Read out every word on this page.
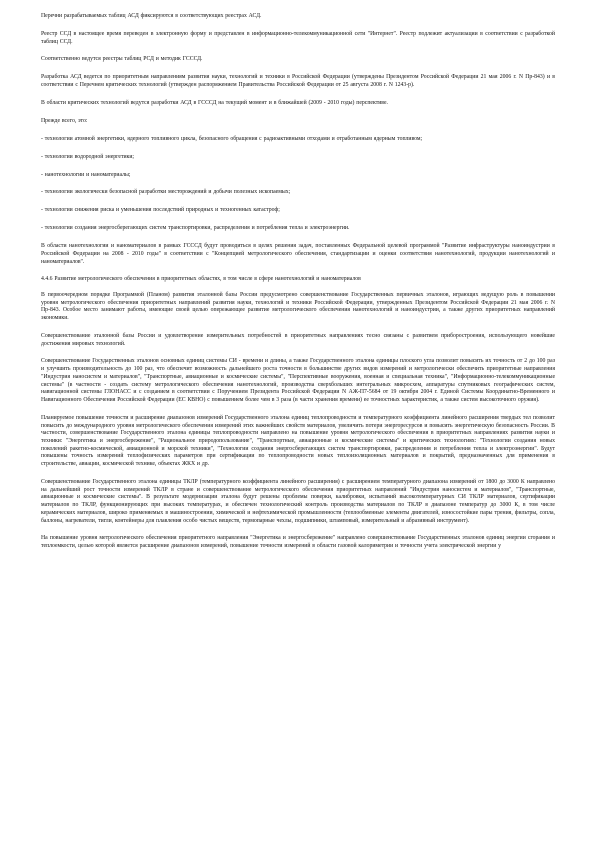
Перечни разрабатываемых таблиц АСД фиксируются в соответствующих реестрах АСД.

Реестр ССД в настоящее время переведен в электронную форму и представлен в информационно-телекоммуникационной сети "Интернет". Реестр подлежит актуализации в соответствии с разработкой таблиц ССД.

Соответственно ведутся реестры таблиц РСД и методик ГСССД.

Разработка АСД ведется по приоритетным направлениям развития науки, технологий и техники в Российской Федерации (утверждены Президентом Российской Федерации 21 мая 2006 г. N Пр-843) и в соответствии с Перечнем критических технологий (утвержден распоряжением Правительства Российской Федерации от 25 августа 2008 г. N 1243-р).

В области критических технологий ведутся разработки АСД в ГСССД на текущий момент и в ближайшей (2009 - 2010 годы) перспективе.

Прежде всего, это:

- технологии атомной энергетики, ядерного топливного цикла, безопасного обращения с радиоактивными отходами и отработанным ядерным топливом;

- технологии водородной энергетики;

- нанотехнологии и наноматериалы;

- технологии экологически безопасной разработки месторождений и добычи полезных ископаемых;

- технологии снижения риска и уменьшения последствий природных и техногенных катастроф;

- технологии создания энергосберегающих систем транспортировки, распределения и потребления тепла и электроэнергии.

В области нанотехнологии и наноматериалов в рамках ГСССД будут проводиться в целях решения задач, поставленных Федеральной целевой программой "Развитие инфраструктуры наноиндустрии в Российской Федерации на 2008 - 2010 годы" в соответствии с "Концепцией метрологического обеспечения, стандартизации и оценки соответствия нанотехнологий, продукции нанотехнологий и наноматериалов".

4.4.6 Развитие метрологического обеспечения в приоритетных областях, в том числе в сфере нанотехнологий и наноматериалов

В первоочередном порядке Программой (Планом) развития эталонной базы России предусмотрено совершенствование Государственных первичных эталонов, играющих ведущую роль в повышении уровня метрологического обеспечения приоритетных направлений развития науки, технологий и техники Российской Федерации, утвержденных Президентом Российской Федерации 21 мая 2006 г. N Пр-843. Особое место занимают работы, имеющие своей целью опережающее развитие метрологического обеспечения нанотехнологий и наноиндустрии, а также других приоритетных направлений экономики.

Совершенствование эталонной базы России и удовлетворение измерительных потребностей в приоритетных направлениях тесно связаны с развитием приборостроения, использующего новейшие достижения мировых технологий.

Совершенствование Государственных эталонов основных единиц системы СИ - времени и длины, а также Государственного эталона единицы плоского угла позволит повысить их точность от 2 до 100 раз и улучшить производительность до 100 раз, что обеспечит возможность дальнейшего роста точности в большинстве других видов измерений и метрологически обеспечить приоритетные направления "Индустрия наносистем и материалов", "Транспортные, авиационные и космические системы", "Перспективные вооружения, военная и специальная техника", "Информационно-телекоммуникационные системы" (в частности - создать систему метрологического обеспечения нанотехнологий, производства сверхбольших интегральных микросхем, аппаратуры спутниковых географических систем, навигационной системы ГЛОНАСС и с созданием в соответствии с Поручением Президента Российской Федерации N АЖ-П7-5684 от 19 октября 2004 г. Единой Системы Координатно-Временного и Навигационного Обеспечения Российской Федерации (ЕС КВНО) с повышением более чем в 3 раза (в части хранения времени) ее точностных характеристик, а также систем высокоточного оружия).

Планируемое повышение точности и расширение диапазонов измерений Государственного эталона единиц теплопроводности и температурного коэффициента линейного расширения твердых тел позволит повысить до международного уровня метрологического обеспечения измерений этих важнейших свойств материалов, увеличить потери энергоресурсов и повысить энергетическую безопасность России. В частности, совершенствование Государственного эталона единицы теплопроводности направлено на повышение уровня метрологического обеспечения в приоритетных направлениях развития науки и техники: "Энергетика и энергосбережение", "Рациональное природопользование", "Транспортные, авиационные и космические системы" и критических технологиях: "Технологии создания новых поколений ракетно-космической, авиационной и морской техники", "Технологии создания энергосберегающих систем транспортировки, распределения и потребления тепла и электроэнергии". Будут повышены точность измерений теплофизических параметров при сертификации по теплопроводности новых теплоизоляционных материалов и покрытий, предназначенных для применения в строительстве, авиации, космической технике, объектах ЖКХ и др.

Совершенствование Государственного эталона единицы ТКЛР (температурного коэффициента линейного расширения) с расширением температурного диапазона измерений от 1800 до 3000 К направлено на дальнейший рост точности измерений ТКЛР в стране и совершенствование метрологического обеспечения приоритетных направлений "Индустрия наносистем и материалов", "Транспортные, авиационные и космические системы". В результате модернизации эталона будут решены проблемы поверки, калибровки, испытаний высокотемпературных СИ ТКЛР материалов, сертификации материалов по ТКЛР, функционирующих при высоких температурах, и обеспечен технологический контроль производства материалов по ТКЛР в диапазоне температур до 3000 К, в том числе керамических материалов, широко применяемых в машиностроении, химической и нефтехимической промышленности (теплообменные элементы двигателей, износостойкие пары трения, фильтры, сопла, баллоны, нагреватели, тигли, контейнеры для плавления особо чистых веществ, термопарные чехлы, подшипники, штамповый, измерительный и абразивный инструмент).

На повышение уровня метрологического обеспечения приоритетного направления "Энергетика и энергосбережение" направлено совершенствование Государственных эталонов единиц энергии сгорания и теплоемкости, целью которой является расширение диапазонов измерений, повышение точности измерений в области газовой калориметрии и точности учета электрической энергии у
